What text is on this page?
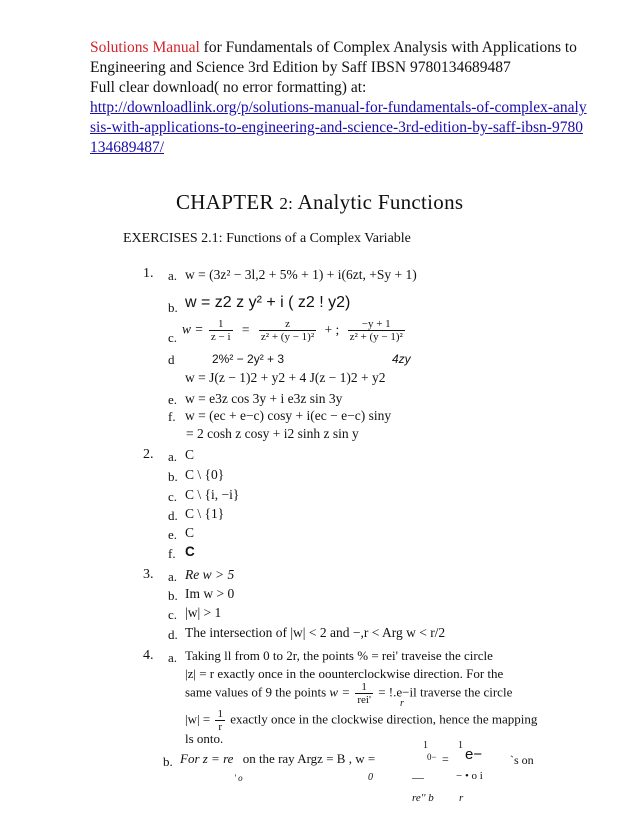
Solutions Manual for Fundamentals of Complex Analysis with Applications to Engineering and Science 3rd Edition by Saff IBSN 9780134689487
Full clear download( no error formatting) at:
http://downloadlink.org/p/solutions-manual-for-fundamentals-of-complex-analysis-with-applications-to-engineering-and-science-3rd-edition-by-saff-ibsn-9780134689487/
CHAPTER 2: Analytic Functions
EXERCISES 2.1: Functions of a Complex Variable
1. a. w = (3z² − 3l,2 + 5% + 1) + i(6zt, +Sy + 1)
b. w = z2 z y² + i ( z2 ! y2)
c.
$w = \frac{1}{z - i} = \frac{z}{\text{z² + (y − 1)²}}$ + ; $\frac{-y + 1}{\text{z² + (y − 1)²}}$
d	2%² − 2y² + 3	4zy
w = J(z − 1)2 + y2 + 4 J(z − 1)2 + y2
e. w = e3z cos 3y + i e3z sin 3y
f. w = (ec + e−c) cosy + i(ec − e−c) siny
= 2 cosh z cosy + i2 sinh z sin y
2. a. C
b. C \ {0}
c. C \ {i, −i}
d. C \ {1}
e. C
f. C
3. a. Re w > 5
b. Im w > 0
c. |w| > 1
d. The intersection of |w| < 2 and −,r < Arg w < r/2
4. a. Taking ll from 0 to 2r, the points % = rei' traveise the circle
|z| = r exactly once in the oounterclockwise direction. For the
same values of 9 the points $w = \frac{1}{\text{rei'}} = !.e-il$ traverse the circle
r
$|w| = \frac{1}{r}$ exactly once in the clockwise direction, hence the mapping
ls onto.
b. For z = re on the ray Argz = B , w =
1
0− =
1
e− `s on
' o	0	—	− • o i
re'' b r
